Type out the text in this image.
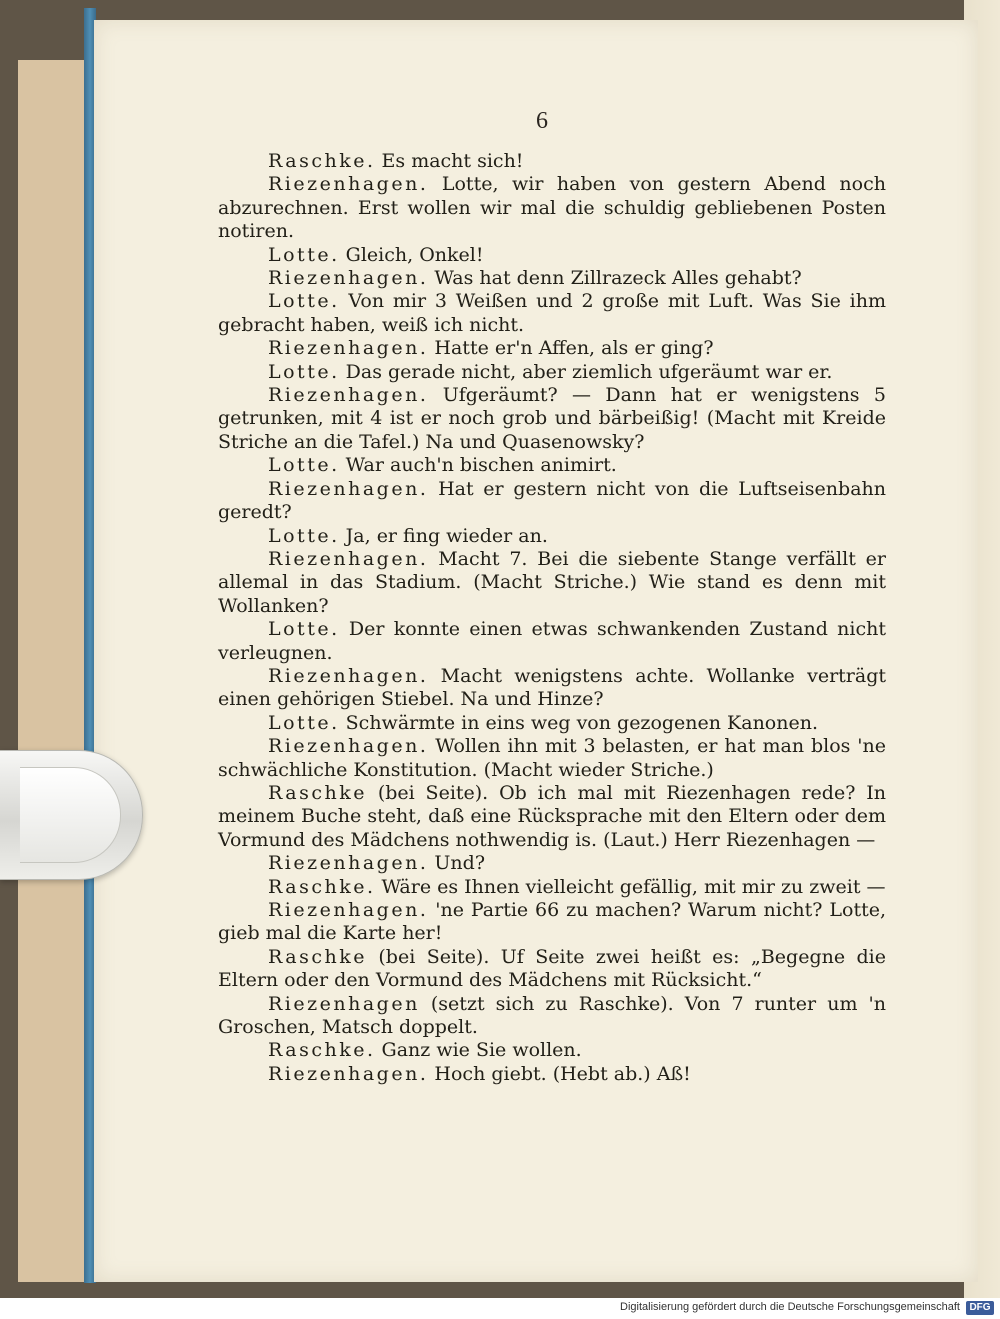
6

Raschke. Es macht sich!

Riezenhagen. Lotte, wir haben von gestern Abend noch abzurechnen. Erst wollen wir mal die schuldig gebliebenen Posten notiren.

Lotte. Gleich, Onkel!

Riezenhagen. Was hat denn Zillrazeck Alles gehabt?

Lotte. Von mir 3 Weißen und 2 große mit Luft. Was Sie ihm gebracht haben, weiß ich nicht.

Riezenhagen. Hatte er'n Affen, als er ging?

Lotte. Das gerade nicht, aber ziemlich ufgeräumt war er.

Riezenhagen. Ufgeräumt? — Dann hat er wenigstens 5 getrunken, mit 4 ist er noch grob und bärbeißig! (Macht mit Kreide Striche an die Tafel.) Na und Quasenowsky?

Lotte. War auch'n bischen animirt.

Riezenhagen. Hat er gestern nicht von die Luftseisenbahn geredt?

Lotte. Ja, er fing wieder an.

Riezenhagen. Macht 7. Bei die siebente Stange verfällt er allemal in das Stadium. (Macht Striche.) Wie stand es denn mit Wollanken?

Lotte. Der konnte einen etwas schwankenden Zustand nicht verleugnen.

Riezenhagen. Macht wenigstens achte. Wollanke verträgt einen gehörigen Stiebel. Na und Hinze?

Lotte. Schwärmte in eins weg von gezogenen Kanonen.

Riezenhagen. Wollen ihn mit 3 belasten, er hat man blos 'ne schwächliche Konstitution. (Macht wieder Striche.)

Raschke (bei Seite). Ob ich mal mit Riezenhagen rede? In meinem Buche steht, daß eine Rücksprache mit den Eltern oder dem Vormund des Mädchens nothwendig is. (Laut.) Herr Riezenhagen —

Riezenhagen. Und?

Raschke. Wäre es Ihnen vielleicht gefällig, mit mir zu zweit —

Riezenhagen. 'ne Partie 66 zu machen? Warum nicht? Lotte, gieb mal die Karte her!

Raschke (bei Seite). Uf Seite zwei heißt es: „Begegne die Eltern oder den Vormund des Mädchens mit Rücksicht.“

Riezenhagen (setzt sich zu Raschke). Von 7 runter um 'n Groschen, Matsch doppelt.

Raschke. Ganz wie Sie wollen.

Riezenhagen. Hoch giebt. (Hebt ab.) Aß!

Digitalisierung gefördert durch die Deutsche Forschungsgemeinschaft DFG
